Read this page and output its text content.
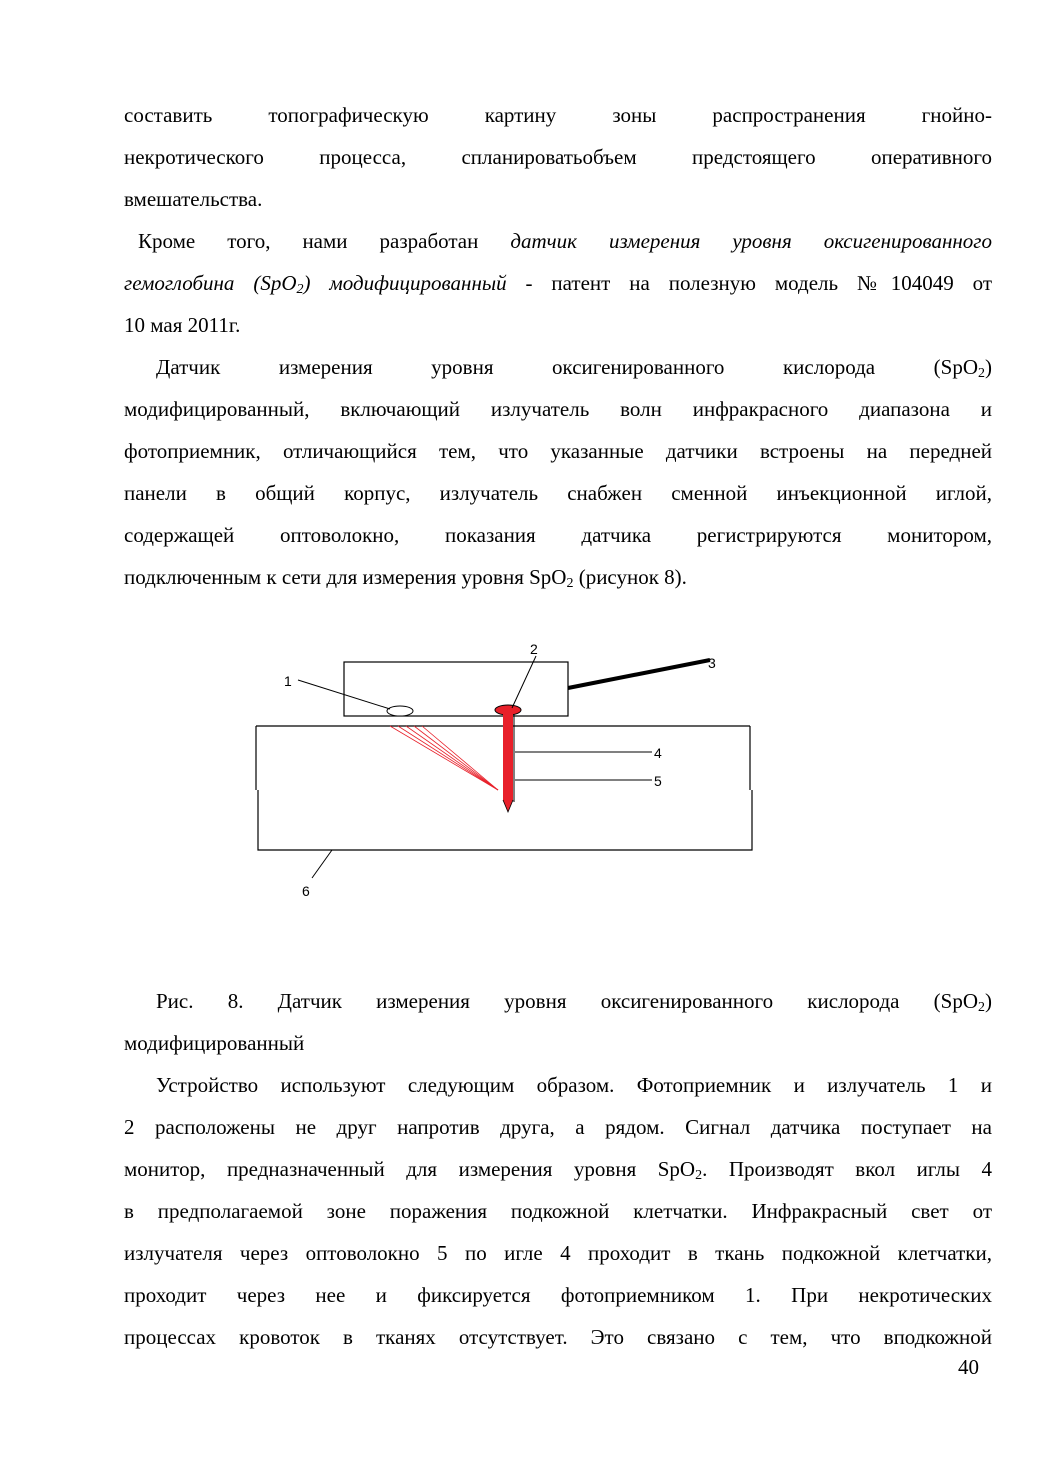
составить топографическую картину зоны распространения гнойно-
некротического процесса, спланироватьобъем предстоящего оперативного
вмешательства.
Кроме того, нами разработан датчик измерения уровня оксигенированного
гемоглобина (SpO$_2$) модифицированный - патент на полезную модель №104049 от
10 мая 2011г.
Датчик измерения уровня оксигенированного кислорода (SpO$_2$)
модифицированный, включающий излучатель волн инфракрасного диапазона и
фотоприемник, отличающийся тем, что указанные датчики встроены на передней
панели в общий корпус, излучатель снабжен сменной инъекционной иглой,
содержащей оптоволокно, показания датчика регистрируются монитором,
подключенным к сети для измерения уровня SpO$_2$ (рисунок 8).
1
2
3
4
5
6
Рис. 8. Датчик измерения уровня оксигенированного кислорода (SpO$_2$)
модифицированный
Устройство используют следующим образом. Фотоприемник и излучатель 1 и
2 расположены не друг напротив друга, а рядом. Сигнал датчика поступает на
монитор, предназначенный для измерения уровня SpO$_2$. Производят вкол иглы 4
в предполагаемой зоне поражения подкожной клетчатки. Инфракрасный свет от
излучателя через оптоволокно 5 по игле 4 проходит в ткань подкожной клетчатки,
проходит через нее и фиксируется фотоприемником 1. При некротических
процессах кровоток в тканях отсутствует. Это связано с тем, что вподкожной
40
